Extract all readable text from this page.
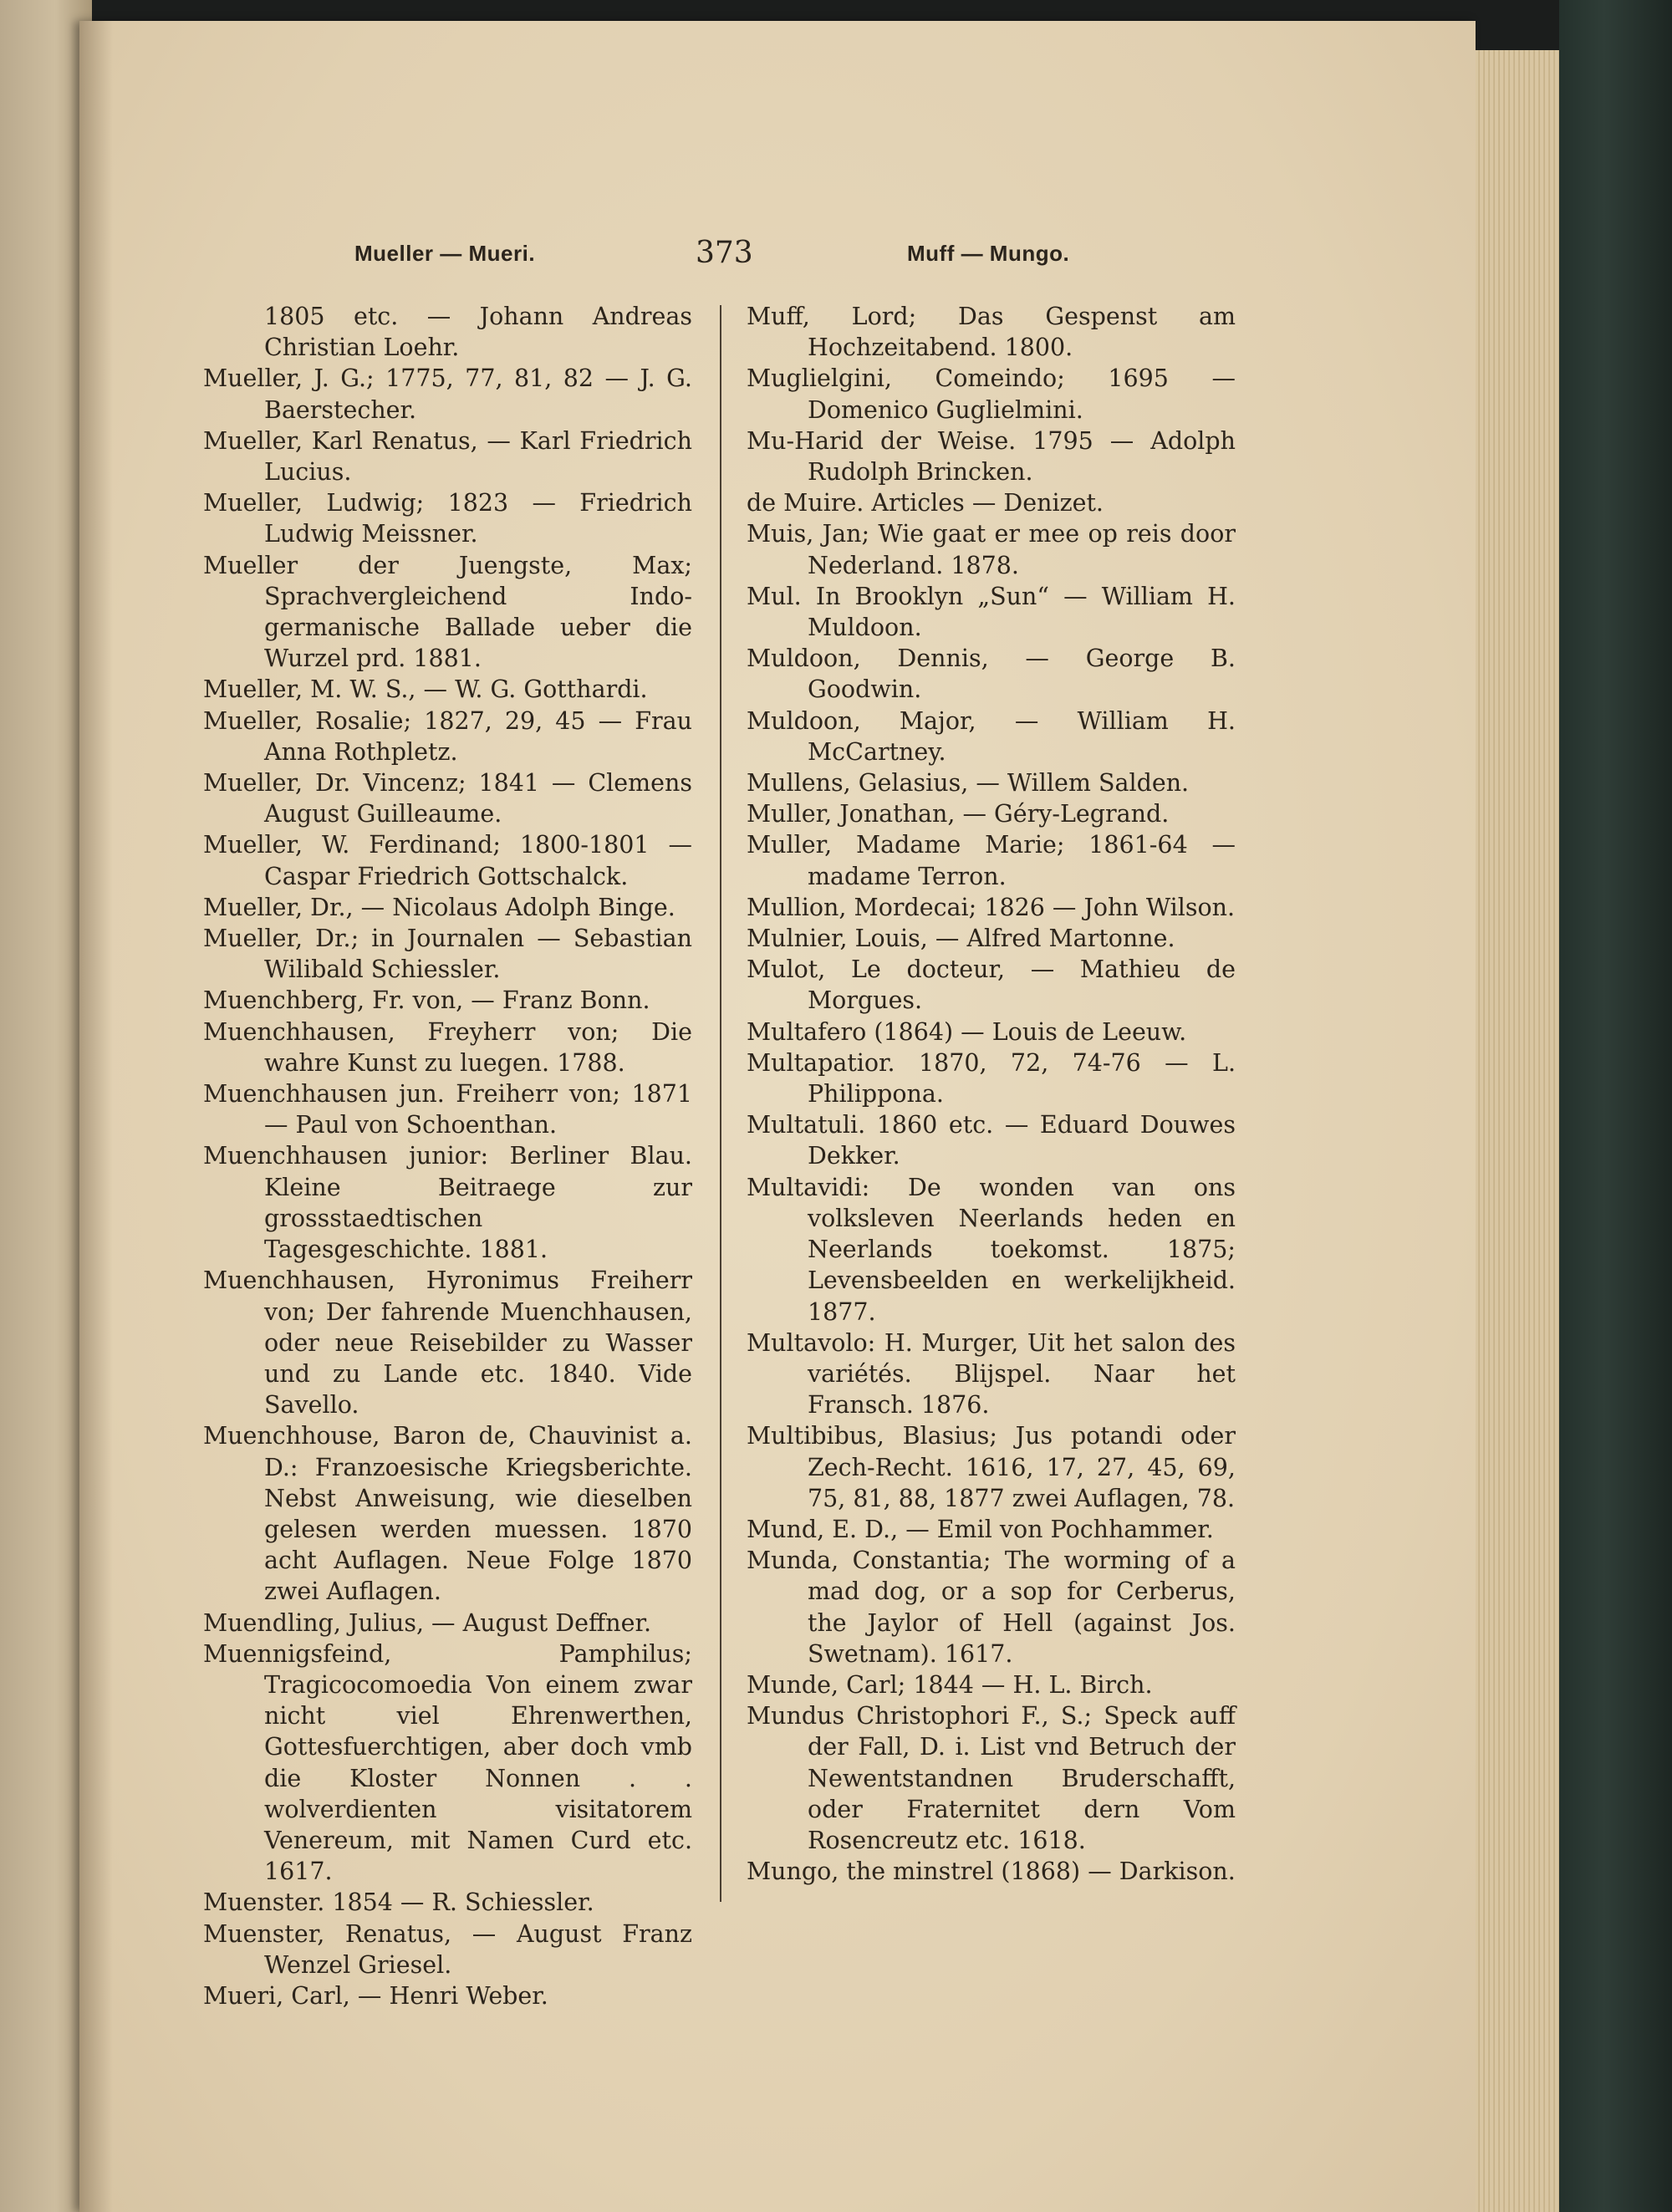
Mueller — Mueri.	373	Muff — Mungo.

1805 etc. — Johann Andreas Christian Loehr.

Mueller, J. G.; 1775, 77, 81, 82 — J. G. Baerstecher.

Mueller, Karl Renatus, — Karl Friedrich Lucius.

Mueller, Ludwig; 1823 — Friedrich Ludwig Meissner.

Mueller der Juengste, Max; Sprachvergleichend Indo-germanische Ballade ueber die Wurzel prd. 1881.

Mueller, M. W. S., — W. G. Gotthardi.

Mueller, Rosalie; 1827, 29, 45 — Frau Anna Rothpletz.

Mueller, Dr. Vincenz; 1841 — Clemens August Guilleaume.

Mueller, W. Ferdinand; 1800-1801 — Caspar Friedrich Gottschalck.

Mueller, Dr., — Nicolaus Adolph Binge.

Mueller, Dr.; in Journalen — Sebastian Wilibald Schiessler.

Muenchberg, Fr. von, — Franz Bonn.

Muenchhausen, Freyherr von; Die wahre Kunst zu luegen. 1788.

Muenchhausen jun. Freiherr von; 1871 — Paul von Schoenthan.

Muenchhausen junior: Berliner Blau. Kleine Beitraege zur grossstaedtischen Tagesgeschichte. 1881.

Muenchhausen, Hyronimus Freiherr von; Der fahrende Muenchhausen, oder neue Reisebilder zu Wasser und zu Lande etc. 1840. Vide Savello.

Muenchhouse, Baron de, Chauvinist a. D.: Franzoesische Kriegsberichte. Nebst Anweisung, wie dieselben gelesen werden muessen. 1870 acht Auflagen. Neue Folge 1870 zwei Auflagen.

Muendling, Julius, — August Deffner.

Muennigsfeind, Pamphilus; Tragicocomoedia Von einem zwar nicht viel Ehrenwerthen, Gottesfuerchtigen, aber doch vmb die Kloster Nonnen . . wolverdienten visitatorem Venereum, mit Namen Curd etc. 1617.

Muenster. 1854 — R. Schiessler.

Muenster, Renatus, — August Franz Wenzel Griesel.

Mueri, Carl, — Henri Weber.

Muff, Lord; Das Gespenst am Hochzeitabend. 1800.

Muglielgini, Comeindo; 1695 — Domenico Guglielmini.

Mu-Harid der Weise. 1795 — Adolph Rudolph Brincken.

de Muire. Articles — Denizet.

Muis, Jan; Wie gaat er mee op reis door Nederland. 1878.

Mul. In Brooklyn „Sun“ — William H. Muldoon.

Muldoon, Dennis, — George B. Goodwin.

Muldoon, Major, — William H. McCartney.

Mullens, Gelasius, — Willem Salden.

Muller, Jonathan, — Géry-Legrand.

Muller, Madame Marie; 1861-64 — madame Terron.

Mullion, Mordecai; 1826 — John Wilson.

Mulnier, Louis, — Alfred Martonne.

Mulot, Le docteur, — Mathieu de Morgues.

Multafero (1864) — Louis de Leeuw.

Multapatior. 1870, 72, 74-76 — L. Philippona.

Multatuli. 1860 etc. — Eduard Douwes Dekker.

Multavidi: De wonden van ons volksleven Neerlands heden en Neerlands toekomst. 1875; Levensbeelden en werkelijkheid. 1877.

Multavolo: H. Murger, Uit het salon des variétés. Blijspel. Naar het Fransch. 1876.

Multibibus, Blasius; Jus potandi oder Zech-Recht. 1616, 17, 27, 45, 69, 75, 81, 88, 1877 zwei Auflagen, 78.

Mund, E. D., — Emil von Pochhammer.

Munda, Constantia; The worming of a mad dog, or a sop for Cerberus, the Jaylor of Hell (against Jos. Swetnam). 1617.

Munde, Carl; 1844 — H. L. Birch.

Mundus Christophori F., S.; Speck auff der Fall, D. i. List vnd Betruch der Newentstandnen Bruderschafft, oder Fraternitet dern Vom Rosencreutz etc. 1618.

Mungo, the minstrel (1868) — Darkison.
